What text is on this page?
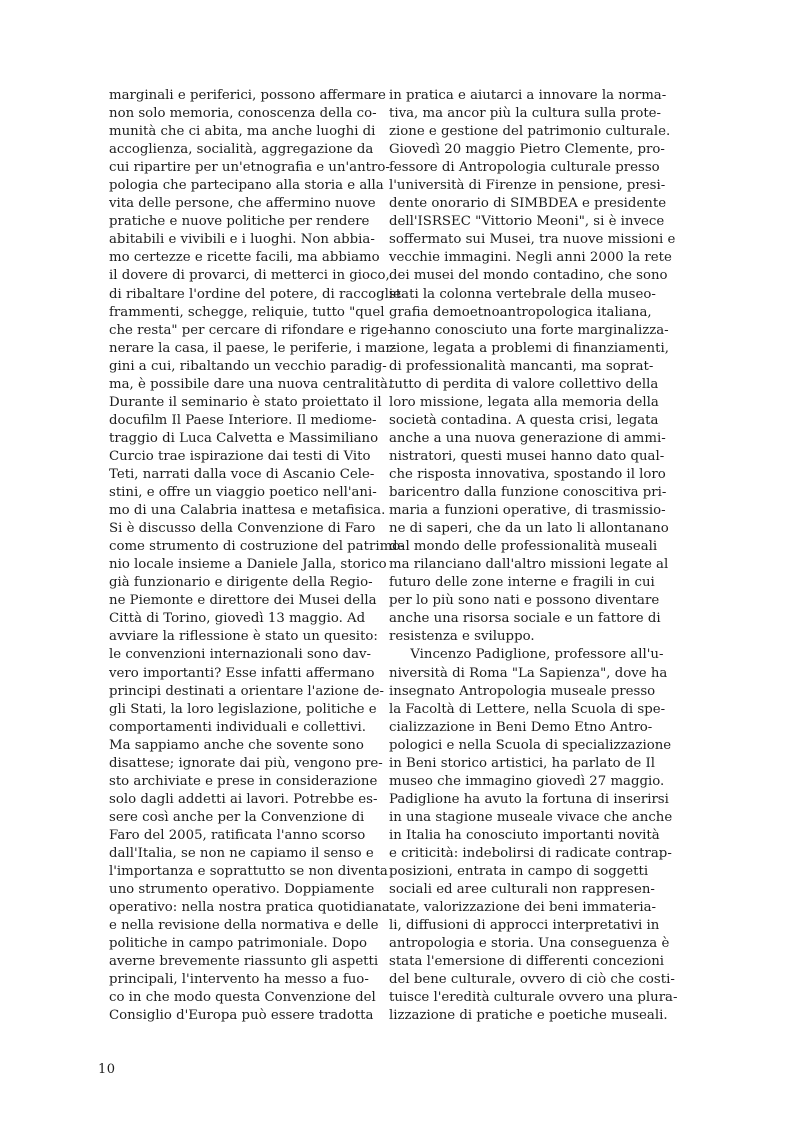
marginali e periferici, possono affermare
non solo memoria, conoscenza della co-
munità che ci abita, ma anche luoghi di
accoglienza, socialità, aggregazione da
cui ripartire per un'etnografia e un'antro-
pologia che partecipano alla storia e alla
vita delle persone, che affermino nuove
pratiche e nuove politiche per rendere
abitabili e vivibili e i luoghi. Non abbia-
mo certezze e ricette facili, ma abbiamo
il dovere di provarci, di metterci in gioco,
di ribaltare l'ordine del potere, di raccoglie
frammenti, schegge, reliquie, tutto "quel
che resta" per cercare di rifondare e rige-
nerare la casa, il paese, le periferie, i mar-
gini a cui, ribaltando un vecchio paradig-
ma, è possibile dare una nuova centralità.
Durante il seminario è stato proiettato il
docufilm Il Paese Interiore. Il mediome-
traggio di Luca Calvetta e Massimiliano
Curcio trae ispirazione dai testi di Vito
Teti, narrati dalla voce di Ascanio Cele-
stini, e offre un viaggio poetico nell'ani-
mo di una Calabria inattesa e metafisica.
Si è discusso della Convenzione di Faro
come strumento di costruzione del patrimo-
nio locale insieme a Daniele Jalla, storico
già funzionario e dirigente della Regio-
ne Piemonte e direttore dei Musei della
Città di Torino, giovedì 13 maggio. Ad
avviare la riflessione è stato un quesito:
le convenzioni internazionali sono dav-
vero importanti? Esse infatti affermano
principi destinati a orientare l'azione de-
gli Stati, la loro legislazione, politiche e
comportamenti individuali e collettivi.
Ma sappiamo anche che sovente sono
disattese; ignorate dai più, vengono pre-
sto archiviate e prese in considerazione
solo dagli addetti ai lavori. Potrebbe es-
sere così anche per la Convenzione di
Faro del 2005, ratificata l'anno scorso
dall'Italia, se non ne capiamo il senso e
l'importanza e soprattutto se non diventa
uno strumento operativo. Doppiamente
operativo: nella nostra pratica quotidiana
e nella revisione della normativa e delle
politiche in campo patrimoniale. Dopo
averne brevemente riassunto gli aspetti
principali, l'intervento ha messo a fuo-
co in che modo questa Convenzione del
Consiglio d'Europa può essere tradotta
in pratica e aiutarci a innovare la norma-
tiva, ma ancor più la cultura sulla prote-
zione e gestione del patrimonio culturale.
Giovedì 20 maggio Pietro Clemente, pro-
fessore di Antropologia culturale presso
l'università di Firenze in pensione, presi-
dente onorario di SIMBDEA e presidente
dell'ISRSEC "Vittorio Meoni", si è invece
soffermato sui Musei, tra nuove missioni e
vecchie immagini. Negli anni 2000 la rete
dei musei del mondo contadino, che sono
stati la colonna vertebrale della museo-
grafia demoetnoantropologica italiana,
hanno conosciuto una forte marginalizza-
zione, legata a problemi di finanziamenti,
di professionalità mancanti, ma soprat-
tutto di perdita di valore collettivo della
loro missione, legata alla memoria della
società contadina. A questa crisi, legata
anche a una nuova generazione di ammi-
nistratori, questi musei hanno dato qual-
che risposta innovativa, spostando il loro
baricentro dalla funzione conoscitiva pri-
maria a funzioni operative, di trasmissio-
ne di saperi, che da un lato li allontanano
dal mondo delle professionalità museali
ma rilanciano dall'altro missioni legate al
futuro delle zone interne e fragili in cui
per lo più sono nati e possono diventare
anche una risorsa sociale e un fattore di
resistenza e sviluppo.
Vincenzo Padiglione, professore all'u-
niversità di Roma "La Sapienza", dove ha
insegnato Antropologia museale presso
la Facoltà di Lettere, nella Scuola di spe-
cializzazione in Beni Demo Etno Antro-
pologici e nella Scuola di specializzazione
in Beni storico artistici, ha parlato de Il
museo che immagino giovedì 27 maggio.
Padiglione ha avuto la fortuna di inserirsi
in una stagione museale vivace che anche
in Italia ha conosciuto importanti novità
e criticità: indebolirsi di radicate contrap-
posizioni, entrata in campo di soggetti
sociali ed aree culturali non rappresen-
tate, valorizzazione dei beni immateria-
li, diffusioni di approcci interpretativi in
antropologia e storia. Una conseguenza è
stata l'emersione di differenti concezioni
del bene culturale, ovvero di ciò che costi-
tuisce l'eredità culturale ovvero una plura-
lizzazione di pratiche e poetiche museali.
10
